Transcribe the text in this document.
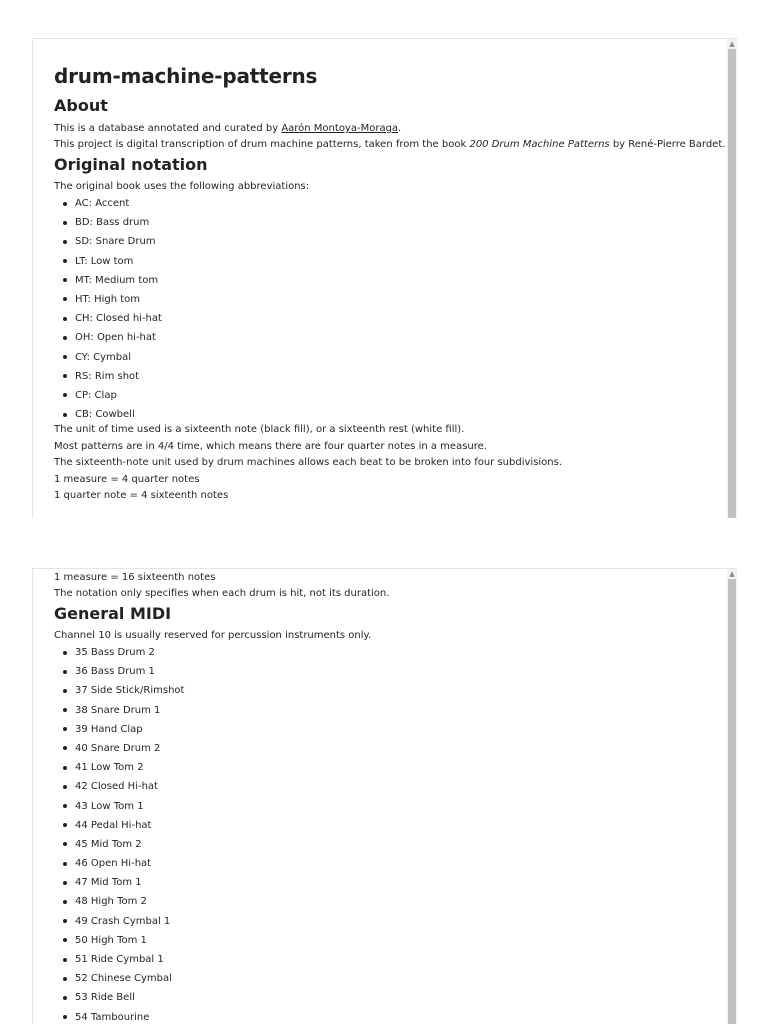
drum-machine-patterns
About

This is a database annotated and curated by Aarón Montoya-Moraga.

This project is digital transcription of drum machine patterns, taken from the book 200 Drum Machine Patterns by René-Pierre Bardet.

Original notation

The original book uses the following abbreviations:

AC: Accent
BD: Bass drum
SD: Snare Drum
LT: Low tom
MT: Medium tom
HT: High tom
CH: Closed hi-hat
OH: Open hi-hat
CY: Cymbal
RS: Rim shot
CP: Clap
CB: Cowbell

The unit of time used is a sixteenth note (black fill), or a sixteenth rest (white fill).

Most patterns are in 4/4 time, which means there are four quarter notes in a measure.

The sixteenth-note unit used by drum machines allows each beat to be broken into four subdivisions.

1 measure = 4 quarter notes

1 quarter note = 4 sixteenth notes

▲

1 measure = 16 sixteenth notes

The notation only specifies when each drum is hit, not its duration.

General MIDI

Channel 10 is usually reserved for percussion instruments only.

35 Bass Drum 2
36 Bass Drum 1
37 Side Stick/Rimshot
38 Snare Drum 1
39 Hand Clap
40 Snare Drum 2
41 Low Tom 2
42 Closed Hi-hat
43 Low Tom 1
44 Pedal Hi-hat
45 Mid Tom 2
46 Open Hi-hat
47 Mid Tom 1
48 High Tom 2
49 Crash Cymbal 1
50 High Tom 1
51 Ride Cymbal 1
52 Chinese Cymbal
53 Ride Bell
54 Tambourine
▲
